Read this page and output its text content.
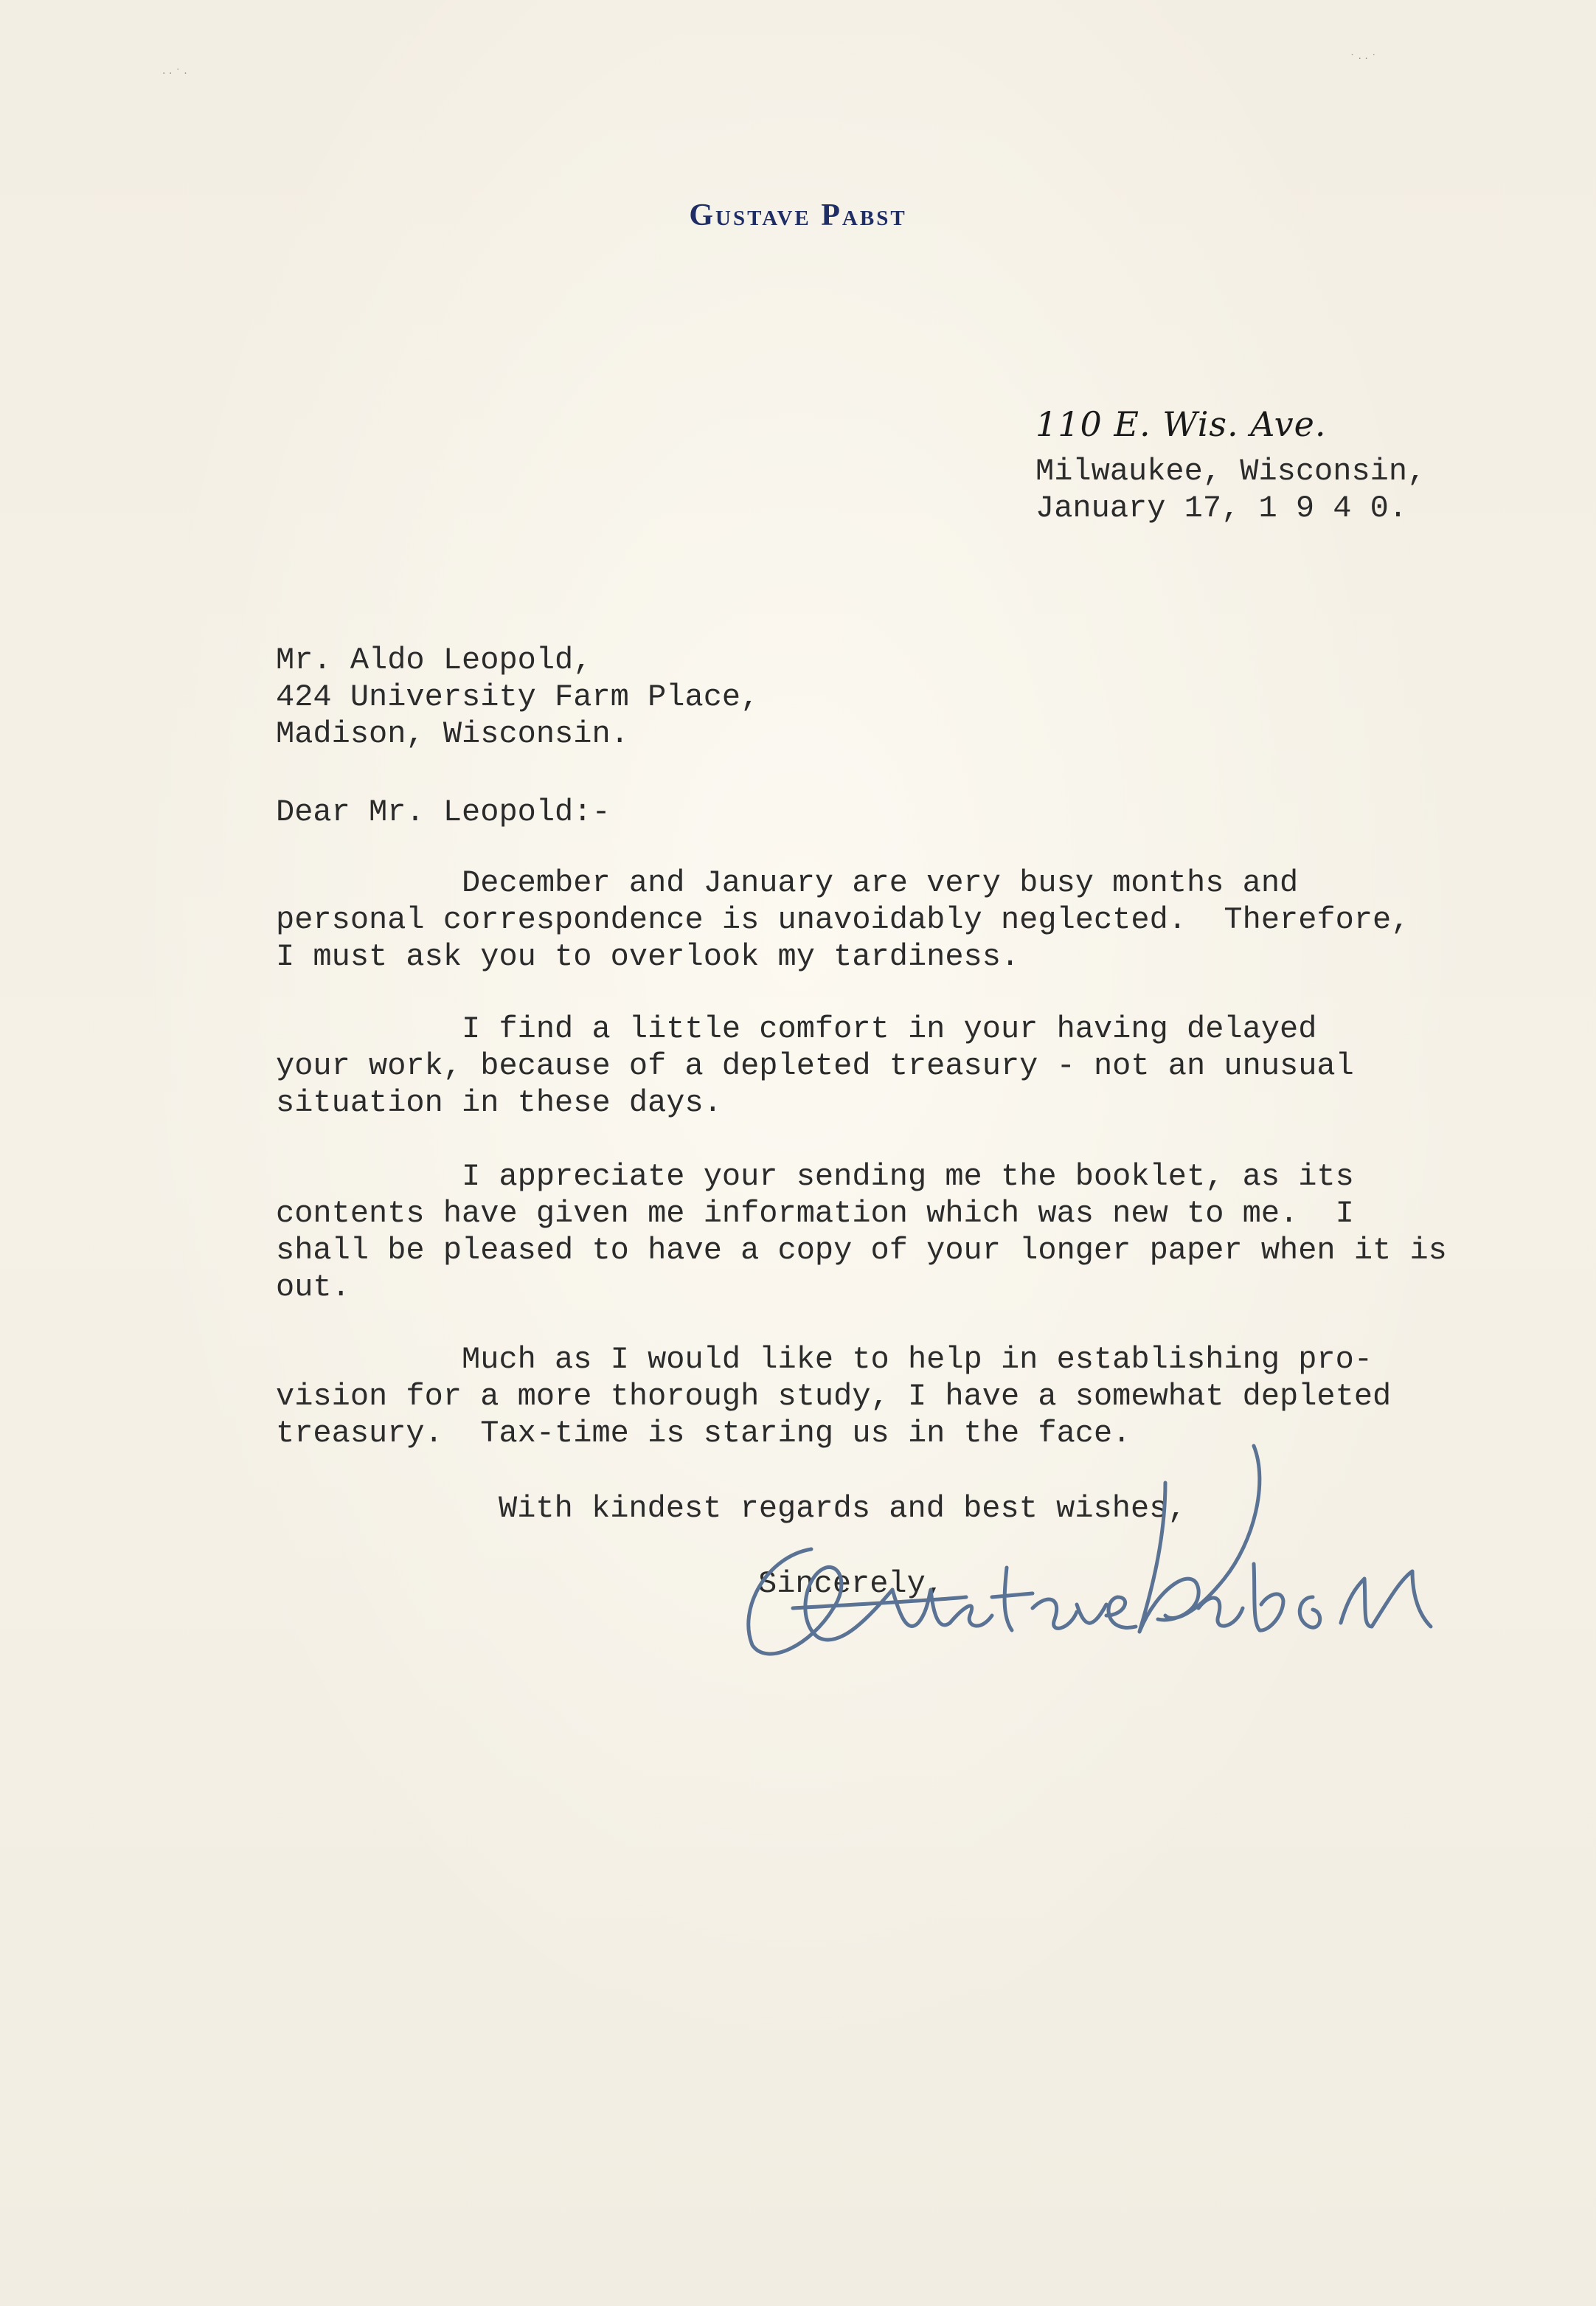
· · ˙ ·
˙ · · ˙
Gustave Pabst
110 E. Wis. Ave.
Milwaukee, Wisconsin,
January 17, 1 9 4 0.
Mr. Aldo Leopold,
424 University Farm Place,
Madison, Wisconsin.
Dear Mr. Leopold:-
December and January are very busy months and
personal correspondence is unavoidably neglected.  Therefore,
I must ask you to overlook my tardiness.
I find a little comfort in your having delayed
your work, because of a depleted treasury - not an unusual
situation in these days.
I appreciate your sending me the booklet, as its
contents have given me information which was new to me.  I
shall be pleased to have a copy of your longer paper when it is
out.
Much as I would like to help in establishing pro-
vision for a more thorough study, I have a somewhat depleted
treasury.  Tax-time is staring us in the face.
With kindest regards and best wishes,
Sincerely,
